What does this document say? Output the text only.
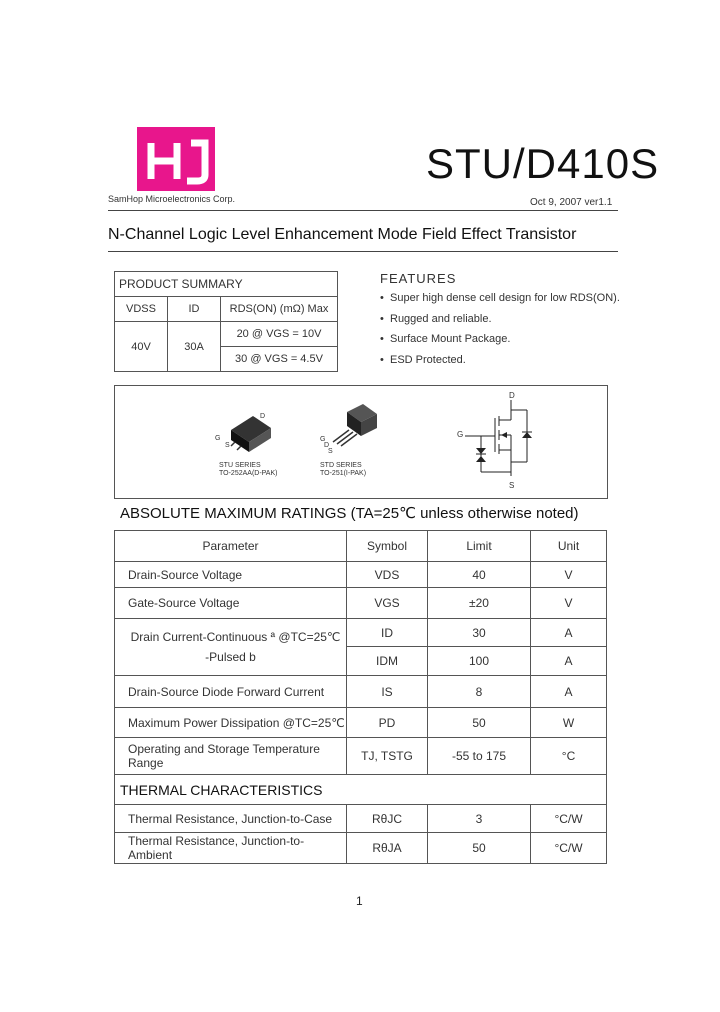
SamHop Microelectronics Corp.
STU/D410S
Oct 9, 2007 ver1.1
N-Channel Logic Level Enhancement Mode Field Effect Transistor
PRODUCT SUMMARY		
VDSS	ID	RDS(ON) (mΩ) Max
40V	30A	20 @ VGS = 10V
		30 @ VGS = 4.5V
FEATURES
• Super high dense cell design for low RDS(ON).
• Rugged and reliable.
• Surface Mount Package.
• ESD Protected.
D
G
S
STU SERIES
TO-252AA(D-PAK)
G
D
S
STD SERIES
TO-251(I-PAK)
D
G
S
ABSOLUTE MAXIMUM RATINGS (TA=25℃ unless otherwise noted)
Parameter	Symbol	Limit	Unit
Drain-Source Voltage	VDS	40	V
Gate-Source Voltage	VGS	±20	V

Drain Current-Continuous ª @TC=25℃
-Pulsed b	ID	30	A
	IDM	100	A
Drain-Source Diode Forward Current	IS	8	A
Maximum Power Dissipation @TC=25℃	PD	50	W
Operating and Storage Temperature Range	TJ, TSTG	-55 to 175	°C
THERMAL CHARACTERISTICS			
Thermal Resistance, Junction-to-Case	RθJC	3	°C/W
Thermal Resistance, Junction-to-Ambient	RθJA	50	°C/W
1
